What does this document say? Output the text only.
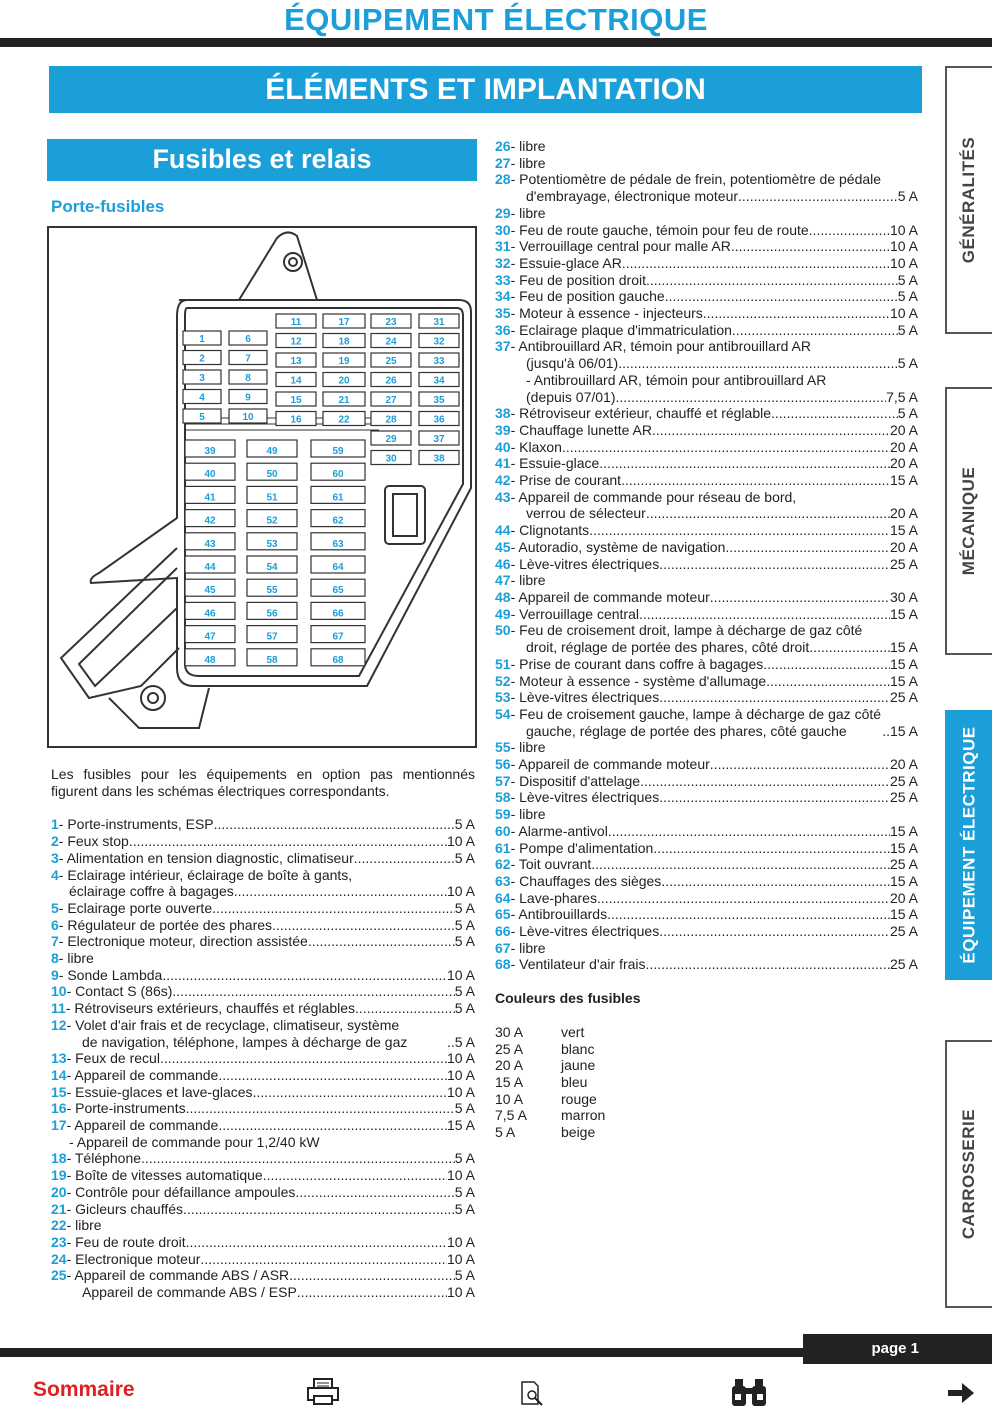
ÉQUIPEMENT ÉLECTRIQUE
ÉLÉMENTS ET IMPLANTATION
Fusibles et relais
Porte-fusibles
1
2
3
4
5
6
7
8
9
10
11
12
13
14
15
16
17
18
19
20
21
22
23
24
25
26
27
28
29
30
31
32
33
34
35
36
37
38
39
40
41
42
43
44
45
46
47
48
49
50
51
52
53
54
55
56
57
58
59
60
61
62
63
64
65
66
67
68

Les fusibles pour les équipements en option pas mentionnés figurent dans les schémas électriques correspondants.

1 - Porte-instruments, ESP .....	5 A
2 - Feux stop .....	10 A
3 - Alimentation en tension diagnostic, climatiseur .....	5 A
4 - Eclairage intérieur, éclairage de boîte à gants,
éclairage coffre à bagages .....	10 A
5 - Eclairage porte ouverte .....	5 A
6 - Régulateur de portée des phares .....	5 A
7 - Electronique moteur, direction assistée .....	5 A
8 - libre
9 - Sonde Lambda .....	10 A
10 - Contact S (86s) .....	5 A
11 - Rétroviseurs extérieurs, chauffés et réglables .....	5 A
12 - Volet d'air frais et de recyclage, climatiseur, système
de navigation, téléphone, lampes à décharge de gaz	..5 A
13 - Feux de recul .....	10 A
14 - Appareil de commande .....	10 A
15 - Essuie-glaces et lave-glaces .....	10 A
16 - Porte-instruments .....	5 A
17 - Appareil de commande .....	15 A
- Appareil de commande pour 1,2/40 kW
18 - Téléphone .....	5 A
19 - Boîte de vitesses automatique .....	10 A
20 - Contrôle pour défaillance ampoules .....	5 A
21 - Gicleurs chauffés .....	5 A
22 - libre
23 - Feu de route droit .....	10 A
24 - Electronique moteur .....	10 A
25 - Appareil de commande ABS / ASR .....	5 A
Appareil de commande ABS / ESP .....	10 A
26 - libre
27 - libre
28 - Potentiomètre de pédale de frein, potentiomètre de pédale
d'embrayage, électronique moteur .....	5 A
29 - libre
30 - Feu de route gauche, témoin pour feu de route .....	10 A
31 - Verrouillage central pour malle AR .....	10 A
32 - Essuie-glace AR .....	10 A
33 - Feu de position droit .....	5 A
34 - Feu de position gauche .....	5 A
35 - Moteur à essence - injecteurs .....	10 A
36 - Eclairage plaque d'immatriculation .....	5 A
37 - Antibrouillard AR, témoin pour antibrouillard AR
(jusqu'à 06/01) .....	5 A
- Antibrouillard AR, témoin pour antibrouillard AR
(depuis 07/01) .....	7,5 A
38 - Rétroviseur extérieur, chauffé et réglable .....	5 A
39 - Chauffage lunette AR .....	20 A
40 - Klaxon .....	20 A
41 - Essuie-glace .....	20 A
42 - Prise de courant .....	15 A
43 - Appareil de commande pour réseau de bord,
verrou de sélecteur .....	20 A
44 - Clignotants .....	15 A
45 - Autoradio, système de navigation .....	20 A
46 - Lève-vitres électriques .....	25 A
47 - libre
48 - Appareil de commande moteur .....	30 A
49 - Verrouillage central .....	15 A
50 - Feu de croisement droit, lampe à décharge de gaz côté
droit, réglage de portée des phares, côté droit .....	15 A
51 - Prise de courant dans coffre à bagages .....	15 A
52 - Moteur à essence - système d'allumage .....	15 A
53 - Lève-vitres électriques .....	25 A
54 - Feu de croisement gauche, lampe à décharge de gaz côté
gauche, réglage de portée des phares, côté gauche	..15 A
55 - libre
56 - Appareil de commande moteur .....	20 A
57 - Dispositif d'attelage .....	25 A
58 - Lève-vitres électriques .....	25 A
59 - libre
60 - Alarme-antivol .....	15 A
61 - Pompe d'alimentation .....	15 A
62 - Toit ouvrant .....	25 A
63 - Chauffages des sièges .....	15 A
64 - Lave-phares .....	20 A
65 - Antibrouillards .....	15 A
66 - Lève-vitres électriques .....	25 A
67 - libre
68 - Ventilateur d'air frais .....	25 A
Couleurs des fusibles
30 A	vert
25 A	blanc
20 A	jaune
15 A	bleu
10 A	rouge
7,5 A	marron
5 A	beige
GÉNÉRALITÉS
MÉCANIQUE
ÉQUIPEMENT ÉLECTRIQUE
CARROSSERIE
page 1
Sommaire
